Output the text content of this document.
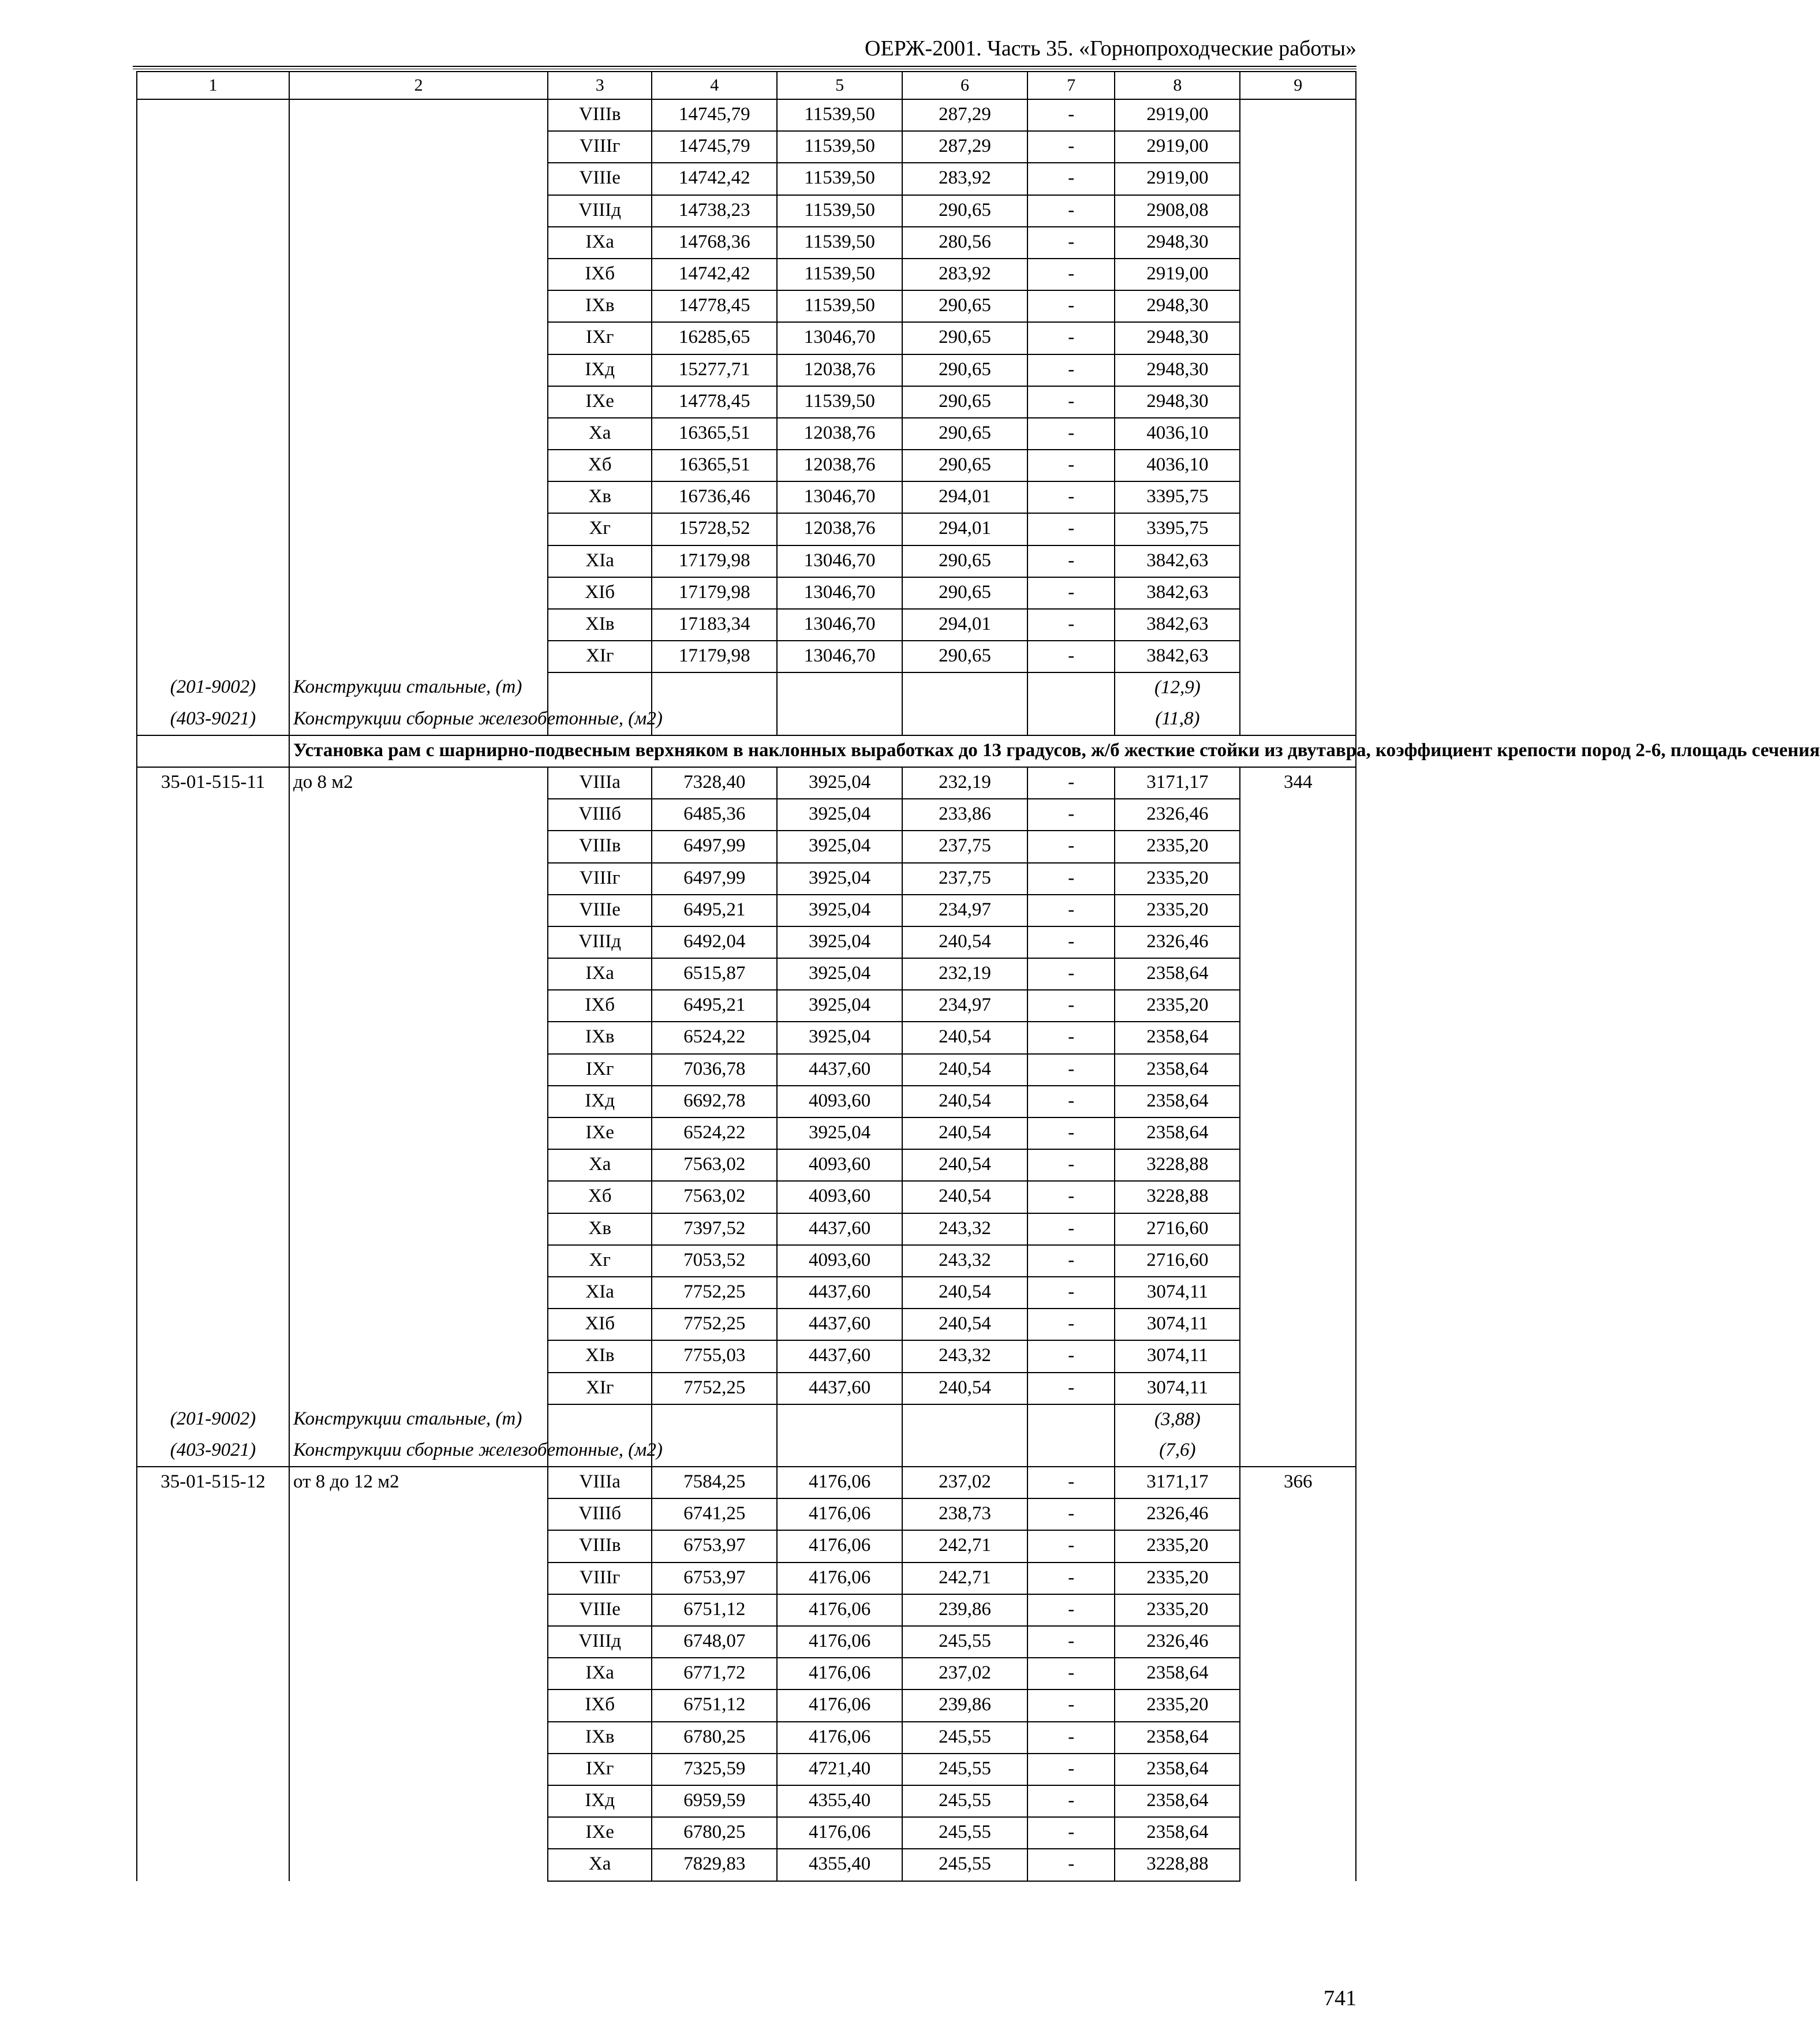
ОЕРЖ-2001. Часть 35. «Горнопроходческие работы»
1	2	3	4	5	6	7	8	9
		VIIIв	14745,79	11539,50	287,29	-	2919,00	
		VIIIг	14745,79	11539,50	287,29	-	2919,00	
		VIIIе	14742,42	11539,50	283,92	-	2919,00	
		VIIIд	14738,23	11539,50	290,65	-	2908,08	
		IXа	14768,36	11539,50	280,56	-	2948,30	
		IXб	14742,42	11539,50	283,92	-	2919,00	
		IXв	14778,45	11539,50	290,65	-	2948,30	
		IXг	16285,65	13046,70	290,65	-	2948,30	
		IXд	15277,71	12038,76	290,65	-	2948,30	
		IXе	14778,45	11539,50	290,65	-	2948,30	
		Xа	16365,51	12038,76	290,65	-	4036,10	
		Xб	16365,51	12038,76	290,65	-	4036,10	
		Xв	16736,46	13046,70	294,01	-	3395,75	
		Xг	15728,52	12038,76	294,01	-	3395,75	
		XIа	17179,98	13046,70	290,65	-	3842,63	
		XIб	17179,98	13046,70	290,65	-	3842,63	
		XIв	17183,34	13046,70	294,01	-	3842,63	
		XIг	17179,98	13046,70	290,65	-	3842,63	
(201-9002)	Конструкции стальные, (т)						(12,9)	
(403-9021)	Конструкции сборные железобетонные, (м2)						(11,8)	
	Установка рам с шарнирно-подвесным верхняком в наклонных выработках до 13 градусов, ж/б жесткие стойки из двутавра, коэффициент крепости пород 2-6, площадь сечения							
35-01-515-11	до 8 м2	VIIIа	7328,40	3925,04	232,19	-	3171,17	344
		VIIIб	6485,36	3925,04	233,86	-	2326,46	
		VIIIв	6497,99	3925,04	237,75	-	2335,20	
		VIIIг	6497,99	3925,04	237,75	-	2335,20	
		VIIIе	6495,21	3925,04	234,97	-	2335,20	
		VIIIд	6492,04	3925,04	240,54	-	2326,46	
		IXа	6515,87	3925,04	232,19	-	2358,64	
		IXб	6495,21	3925,04	234,97	-	2335,20	
		IXв	6524,22	3925,04	240,54	-	2358,64	
		IXг	7036,78	4437,60	240,54	-	2358,64	
		IXд	6692,78	4093,60	240,54	-	2358,64	
		IXе	6524,22	3925,04	240,54	-	2358,64	
		Xа	7563,02	4093,60	240,54	-	3228,88	
		Xб	7563,02	4093,60	240,54	-	3228,88	
		Xв	7397,52	4437,60	243,32	-	2716,60	
		Xг	7053,52	4093,60	243,32	-	2716,60	
		XIа	7752,25	4437,60	240,54	-	3074,11	
		XIб	7752,25	4437,60	240,54	-	3074,11	
		XIв	7755,03	4437,60	243,32	-	3074,11	
		XIг	7752,25	4437,60	240,54	-	3074,11	
(201-9002)	Конструкции стальные, (т)						(3,88)	
(403-9021)	Конструкции сборные железобетонные, (м2)						(7,6)	
35-01-515-12	от 8 до 12 м2	VIIIа	7584,25	4176,06	237,02	-	3171,17	366
		VIIIб	6741,25	4176,06	238,73	-	2326,46	
		VIIIв	6753,97	4176,06	242,71	-	2335,20	
		VIIIг	6753,97	4176,06	242,71	-	2335,20	
		VIIIе	6751,12	4176,06	239,86	-	2335,20	
		VIIIд	6748,07	4176,06	245,55	-	2326,46	
		IXа	6771,72	4176,06	237,02	-	2358,64	
		IXб	6751,12	4176,06	239,86	-	2335,20	
		IXв	6780,25	4176,06	245,55	-	2358,64	
		IXг	7325,59	4721,40	245,55	-	2358,64	
		IXд	6959,59	4355,40	245,55	-	2358,64	
		IXе	6780,25	4176,06	245,55	-	2358,64	
		Xа	7829,83	4355,40	245,55	-	3228,88	
741
